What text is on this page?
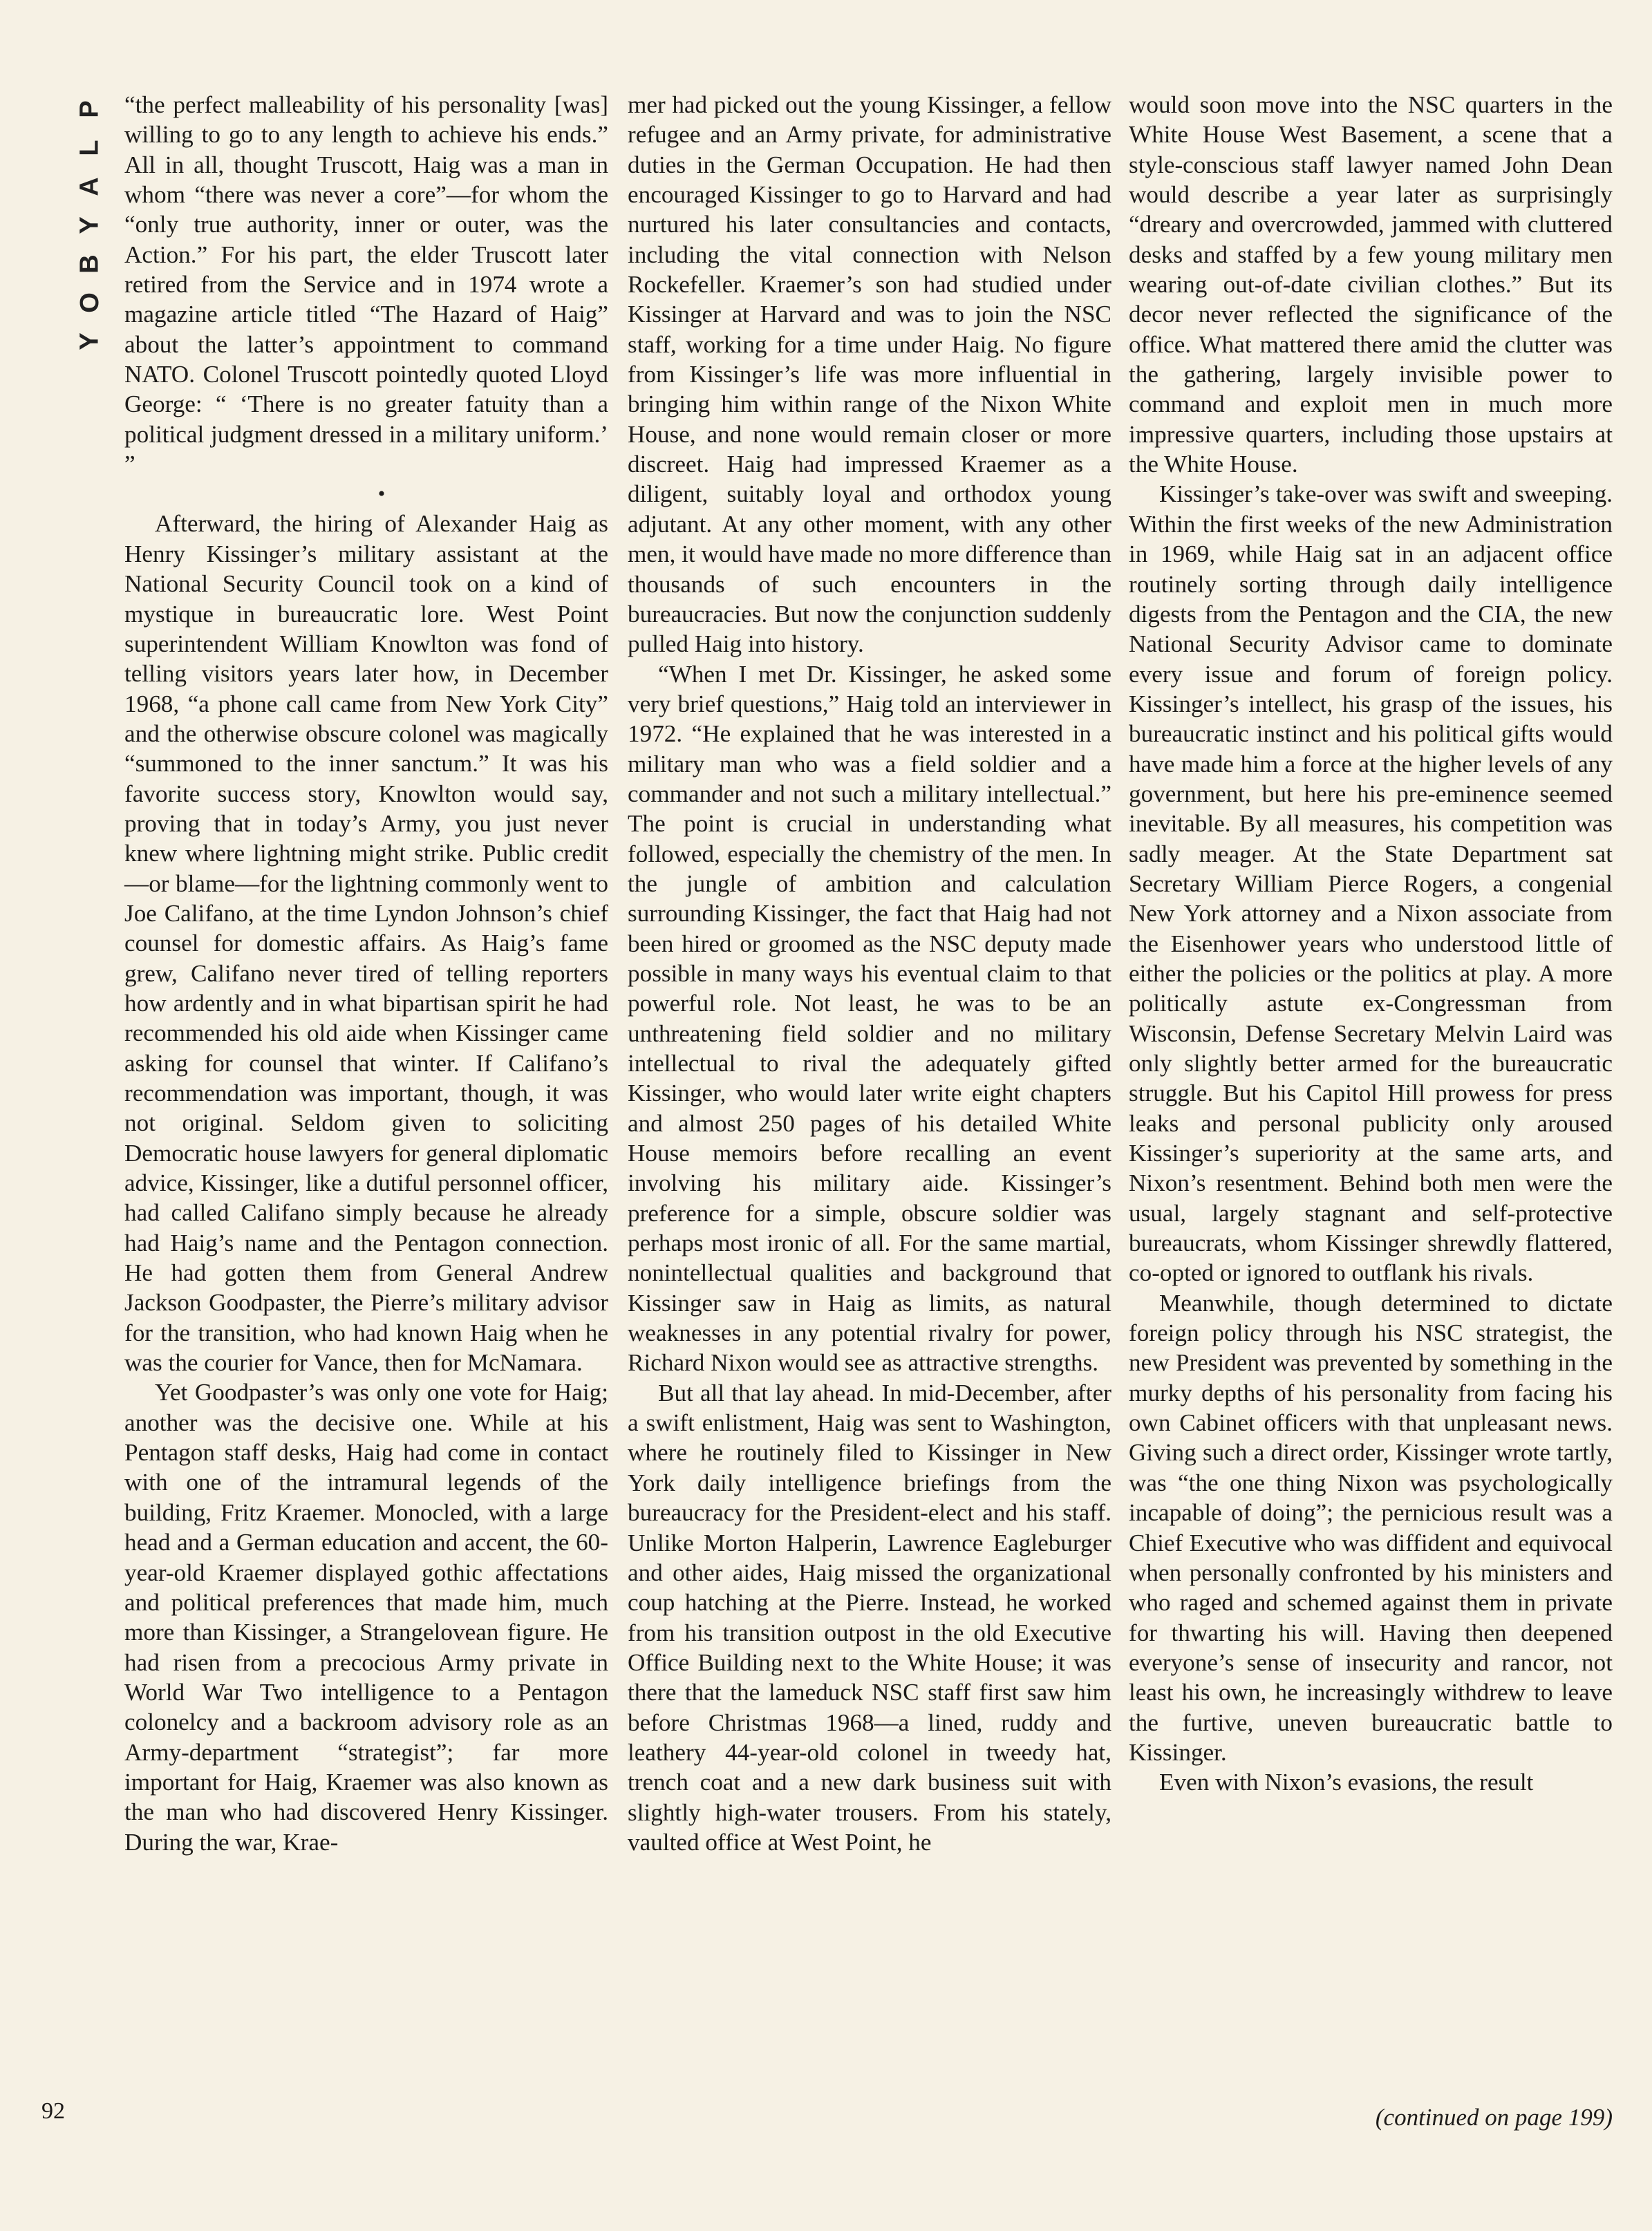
P
L
A
Y
B
O
Y

“the perfect malleability of his personality [was] willing to go to any length to achieve his ends.” All in all, thought Truscott, Haig was a man in whom “there was never a core”—for whom the “only true authority, inner or outer, was the Action.” For his part, the elder Truscott later retired from the Service and in 1974 wrote a magazine article titled “The Hazard of Haig” about the latter’s appointment to command NATO. Colonel Truscott pointedly quoted Lloyd George: “ ‘There is no greater fatuity than a political judgment dressed in a military uniform.’ ”

•

Afterward, the hiring of Alexander Haig as Henry Kissinger’s military assistant at the National Security Council took on a kind of mystique in bureaucratic lore. West Point superintendent William Knowlton was fond of telling visitors years later how, in December 1968, “a phone call came from New York City” and the otherwise obscure colonel was magically “summoned to the inner sanctum.” It was his favorite success story, Knowlton would say, proving that in today’s Army, you just never knew where lightning might strike. Public credit—or blame—for the lightning commonly went to Joe Califano, at the time Lyndon Johnson’s chief counsel for domestic affairs. As Haig’s fame grew, Califano never tired of telling reporters how ardently and in what bipartisan spirit he had recommended his old aide when Kissinger came asking for counsel that winter. If Califano’s recommendation was important, though, it was not original. Seldom given to soliciting Democratic house lawyers for general diplomatic advice, Kissinger, like a dutiful personnel officer, had called Califano simply because he already had Haig’s name and the Pentagon connection. He had gotten them from General Andrew Jackson Goodpaster, the Pierre’s military advisor for the transition, who had known Haig when he was the courier for Vance, then for McNamara.

Yet Goodpaster’s was only one vote for Haig; another was the decisive one. While at his Pentagon staff desks, Haig had come in contact with one of the intramural legends of the building, Fritz Kraemer. Monocled, with a large head and a German education and accent, the 60-year-old Kraemer displayed gothic affectations and political preferences that made him, much more than Kissinger, a Strangelovean figure. He had risen from a precocious Army private in World War Two intelligence to a Pentagon colonelcy and a backroom advisory role as an Army-department “strategist”; far more important for Haig, Kraemer was also known as the man who had discovered Henry Kissinger. During the war, Krae-

mer had picked out the young Kissinger, a fellow refugee and an Army private, for administrative duties in the German Occupation. He had then encouraged Kissinger to go to Harvard and had nurtured his later consultancies and contacts, including the vital connection with Nelson Rockefeller. Kraemer’s son had studied under Kissinger at Harvard and was to join the NSC staff, working for a time under Haig. No figure from Kissinger’s life was more influential in bringing him within range of the Nixon White House, and none would remain closer or more discreet. Haig had impressed Kraemer as a diligent, suitably loyal and orthodox young adjutant. At any other moment, with any other men, it would have made no more difference than thousands of such encounters in the bureaucracies. But now the conjunction suddenly pulled Haig into history.

“When I met Dr. Kissinger, he asked some very brief questions,” Haig told an interviewer in 1972. “He explained that he was interested in a military man who was a field soldier and a commander and not such a military intellectual.” The point is crucial in understanding what followed, especially the chemistry of the men. In the jungle of ambition and calculation surrounding Kissinger, the fact that Haig had not been hired or groomed as the NSC deputy made possible in many ways his eventual claim to that powerful role. Not least, he was to be an unthreatening field soldier and no military intellectual to rival the adequately gifted Kissinger, who would later write eight chapters and almost 250 pages of his detailed White House memoirs before recalling an event involving his military aide. Kissinger’s preference for a simple, obscure soldier was perhaps most ironic of all. For the same martial, nonintellectual qualities and background that Kissinger saw in Haig as limits, as natural weaknesses in any potential rivalry for power, Richard Nixon would see as attractive strengths.

But all that lay ahead. In mid-December, after a swift enlistment, Haig was sent to Washington, where he routinely filed to Kissinger in New York daily intelligence briefings from the bureaucracy for the President-elect and his staff. Unlike Morton Halperin, Lawrence Eagleburger and other aides, Haig missed the organizational coup hatching at the Pierre. Instead, he worked from his transition outpost in the old Executive Office Building next to the White House; it was there that the lameduck NSC staff first saw him before Christmas 1968—a lined, ruddy and leathery 44-year-old colonel in tweedy hat, trench coat and a new dark business suit with slightly high-water trousers. From his stately, vaulted office at West Point, he

would soon move into the NSC quarters in the White House West Basement, a scene that a style-conscious staff lawyer named John Dean would describe a year later as surprisingly “dreary and overcrowded, jammed with cluttered desks and staffed by a few young military men wearing out-of-date civilian clothes.” But its decor never reflected the significance of the office. What mattered there amid the clutter was the gathering, largely invisible power to command and exploit men in much more impressive quarters, including those upstairs at the White House.

Kissinger’s take-over was swift and sweeping. Within the first weeks of the new Administration in 1969, while Haig sat in an adjacent office routinely sorting through daily intelligence digests from the Pentagon and the CIA, the new National Security Advisor came to dominate every issue and forum of foreign policy. Kissinger’s intellect, his grasp of the issues, his bureaucratic instinct and his political gifts would have made him a force at the higher levels of any government, but here his pre-eminence seemed inevitable. By all measures, his competition was sadly meager. At the State Department sat Secretary William Pierce Rogers, a congenial New York attorney and a Nixon associate from the Eisenhower years who understood little of either the policies or the politics at play. A more politically astute ex-Congressman from Wisconsin, Defense Secretary Melvin Laird was only slightly better armed for the bureaucratic struggle. But his Capitol Hill prowess for press leaks and personal publicity only aroused Kissinger’s superiority at the same arts, and Nixon’s resentment. Behind both men were the usual, largely stagnant and self-protective bureaucrats, whom Kissinger shrewdly flattered, co-opted or ignored to outflank his rivals.

Meanwhile, though determined to dictate foreign policy through his NSC strategist, the new President was prevented by something in the murky depths of his personality from facing his own Cabinet officers with that unpleasant news. Giving such a direct order, Kissinger wrote tartly, was “the one thing Nixon was psychologically incapable of doing”; the pernicious result was a Chief Executive who was diffident and equivocal when personally confronted by his ministers and who raged and schemed against them in private for thwarting his will. Having then deepened everyone’s sense of insecurity and rancor, not least his own, he increasingly withdrew to leave the furtive, uneven bureaucratic battle to Kissinger.

Even with Nixon’s evasions, the result

92	(continued on page 199)
